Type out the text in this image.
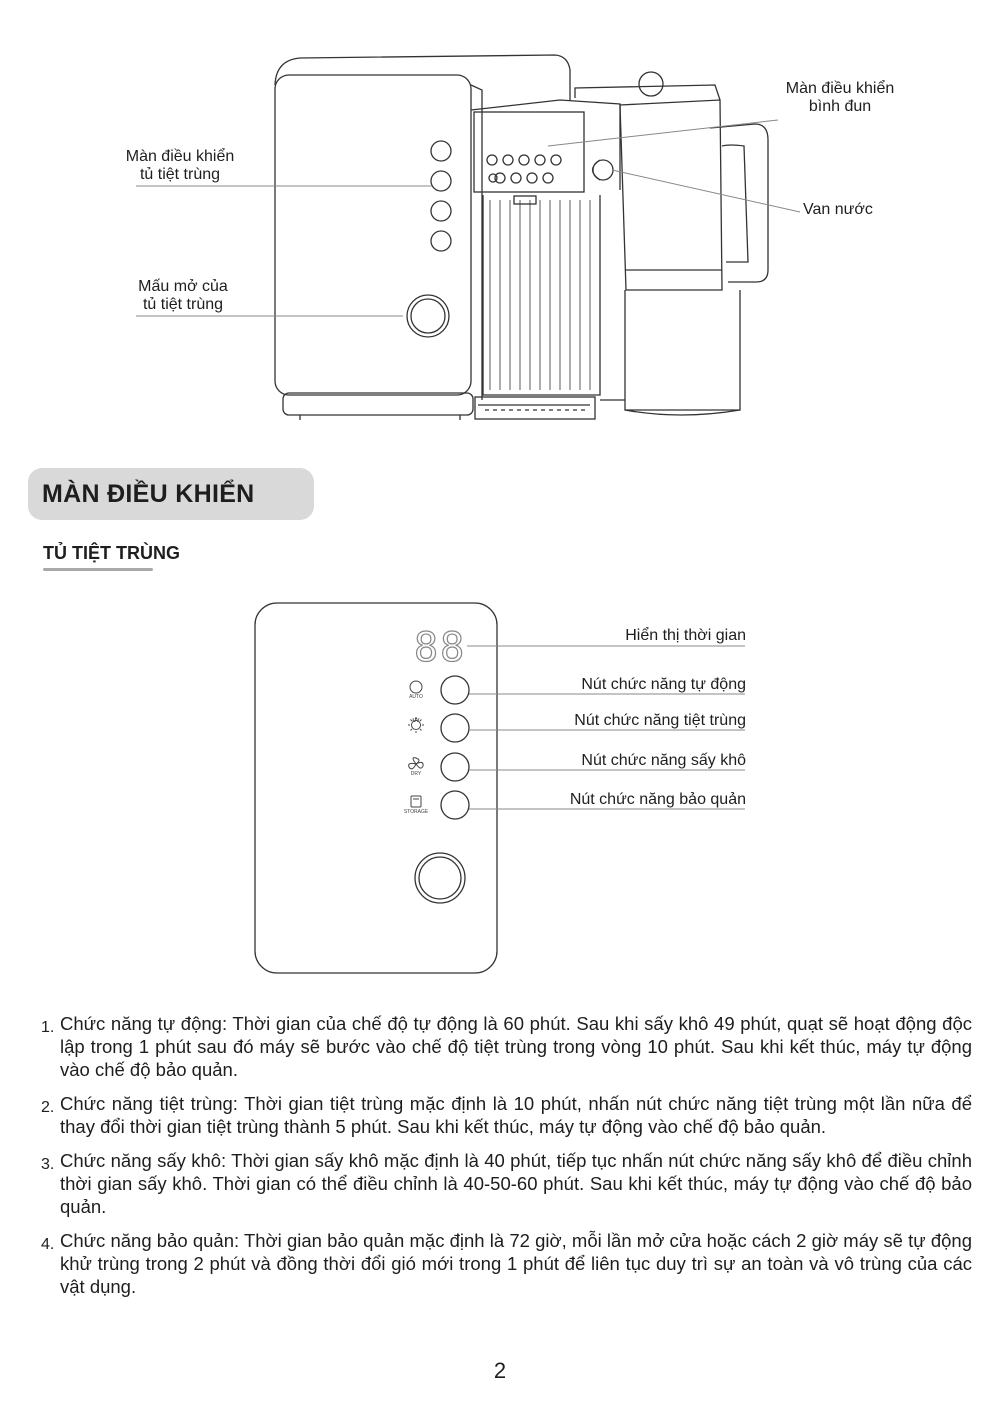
Màn điều khiển
tủ tiệt trùng
Mấu mở của
tủ tiệt trùng
Màn điều khiển
bình đun
Van nước
MÀN ĐIỀU KHIỂN
TỦ TIỆT TRÙNG
88
AUTO
UV
DRY
STORAGE
Hiển thị thời gian
Nút chức năng tự động
Nút chức năng tiệt trùng
Nút chức năng sấy khô
Nút chức năng bảo quản
1. Chức năng tự động: Thời gian của chế độ tự động là 60 phút. Sau khi sấy khô 49 phút, quạt sẽ hoạt động độc lập trong 1 phút sau đó máy sẽ bước vào chế độ tiệt trùng trong vòng 10 phút. Sau khi kết thúc, máy tự động vào chế độ bảo quản.
2. Chức năng tiệt trùng: Thời gian tiệt trùng mặc định là 10 phút, nhấn nút chức năng tiệt trùng một lần nữa để thay đổi thời gian tiệt trùng thành 5 phút. Sau khi kết thúc, máy tự động vào chế độ bảo quản.
3. Chức năng sấy khô: Thời gian sấy khô mặc định là 40 phút, tiếp tục nhấn nút chức năng sấy khô để điều chỉnh thời gian sấy khô. Thời gian có thể điều chỉnh là 40-50-60 phút. Sau khi kết thúc, máy tự động vào chế độ bảo quản.
4. Chức năng bảo quản: Thời gian bảo quản mặc định là 72 giờ, mỗi lần mở cửa hoặc cách 2 giờ máy sẽ tự động khử trùng trong 2 phút và đồng thời đổi gió mới trong 1 phút để liên tục duy trì sự an toàn và vô trùng của các vật dụng.
2
